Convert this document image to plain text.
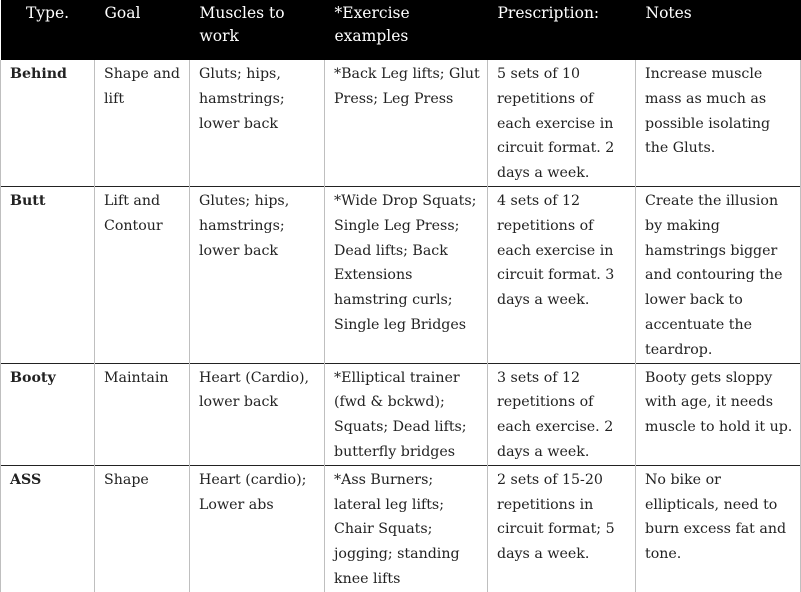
Type.	Goal	Muscles to work	*Exercise examples	Prescription:	Notes
Behind	Shape and lift	Gluts; hips, hamstrings; lower back	*Back Leg lifts; Glut Press; Leg Press	5 sets of 10 repetitions of each exercise in circuit format. 2 days a week.	Increase muscle mass as much as possible isolating the Gluts.
Butt	Lift and Contour	Glutes; hips, hamstrings; lower back	*Wide Drop Squats; Single Leg Press; Dead lifts; Back Extensions hamstring curls; Single leg Bridges	4 sets of 12 repetitions of each exercise in circuit format. 3 days a week.	Create the illusion by making hamstrings bigger and contouring the lower back to accentuate the teardrop.
Booty	Maintain	Heart (Cardio), lower back	*Elliptical trainer (fwd & bckwd); Squats; Dead lifts; butterfly bridges	3 sets of 12 repetitions of each exercise. 2 days a week.	Booty gets sloppy with age, it needs muscle to hold it up.
ASS	Shape	Heart (cardio); Lower abs	*Ass Burners; lateral leg lifts; Chair Squats; jogging; standing knee lifts	2 sets of 15-20 repetitions in circuit format; 5 days a week.	No bike or ellipticals, need to burn excess fat and tone.
